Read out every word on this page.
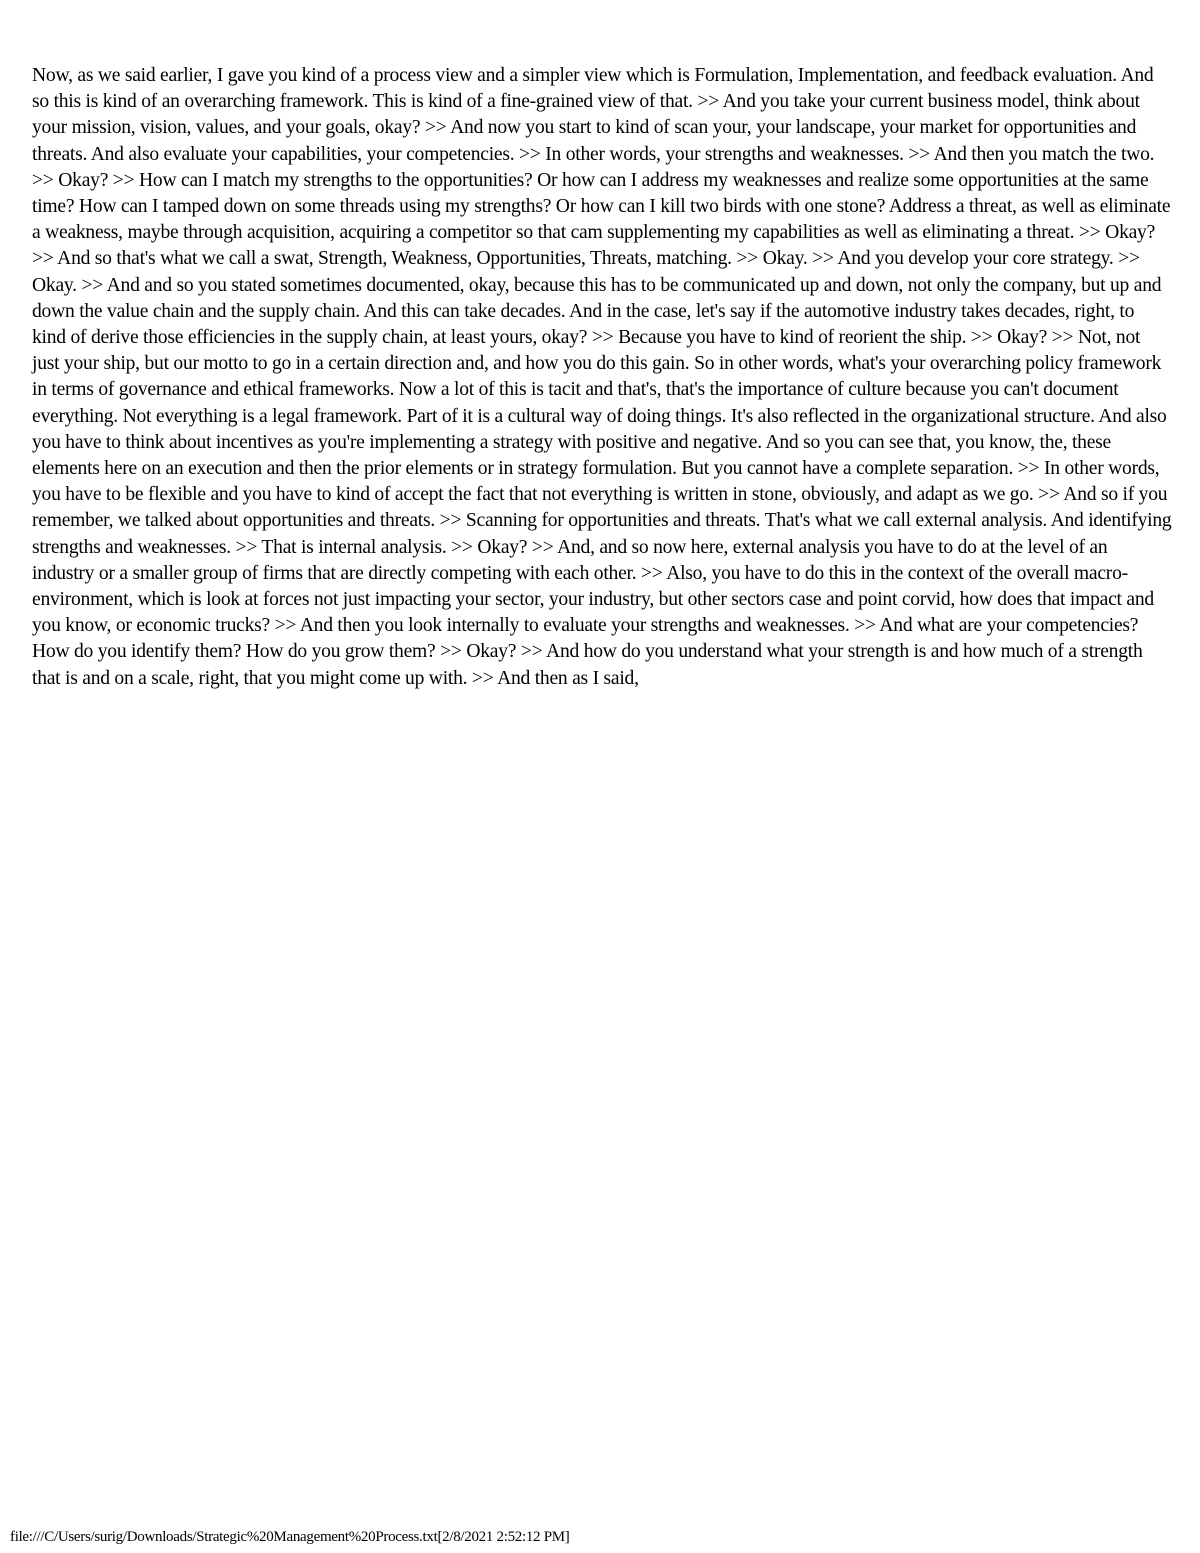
Now, as we said earlier, I gave you kind of a process view and a simpler view which is Formulation, Implementation, and feedback evaluation. And so this is kind of an overarching framework. This is kind of a fine-grained view of that. >> And you take your current business model, think about your mission, vision, values, and your goals, okay? >> And now you start to kind of scan your, your landscape, your market for opportunities and threats. And also evaluate your capabilities, your competencies. >> In other words, your strengths and weaknesses. >> And then you match the two. >> Okay? >> How can I match my strengths to the opportunities? Or how can I address my weaknesses and realize some opportunities at the same time? How can I tamped down on some threads using my strengths? Or how can I kill two birds with one stone? Address a threat, as well as eliminate a weakness, maybe through acquisition, acquiring a competitor so that cam supplementing my capabilities as well as eliminating a threat. >> Okay? >> And so that's what we call a swat, Strength, Weakness, Opportunities, Threats, matching. >> Okay. >> And you develop your core strategy. >> Okay. >> And and so you stated sometimes documented, okay, because this has to be communicated up and down, not only the company, but up and down the value chain and the supply chain. And this can take decades. And in the case, let's say if the automotive industry takes decades, right, to kind of derive those efficiencies in the supply chain, at least yours, okay? >> Because you have to kind of reorient the ship. >> Okay? >> Not, not just your ship, but our motto to go in a certain direction and, and how you do this gain. So in other words, what's your overarching policy framework in terms of governance and ethical frameworks. Now a lot of this is tacit and that's, that's the importance of culture because you can't document everything. Not everything is a legal framework. Part of it is a cultural way of doing things. It's also reflected in the organizational structure. And also you have to think about incentives as you're implementing a strategy with positive and negative. And so you can see that, you know, the, these elements here on an execution and then the prior elements or in strategy formulation. But you cannot have a complete separation. >> In other words, you have to be flexible and you have to kind of accept the fact that not everything is written in stone, obviously, and adapt as we go. >> And so if you remember, we talked about opportunities and threats. >> Scanning for opportunities and threats. That's what we call external analysis. And identifying strengths and weaknesses. >> That is internal analysis. >> Okay? >> And, and so now here, external analysis you have to do at the level of an industry or a smaller group of firms that are directly competing with each other. >> Also, you have to do this in the context of the overall macro-environment, which is look at forces not just impacting your sector, your industry, but other sectors case and point corvid, how does that impact and you know, or economic trucks? >> And then you look internally to evaluate your strengths and weaknesses. >> And what are your competencies? How do you identify them? How do you grow them? >> Okay? >> And how do you understand what your strength is and how much of a strength that is and on a scale, right, that you might come up with. >> And then as I said,
file:///C/Users/surig/Downloads/Strategic%20Management%20Process.txt[2/8/2021 2:52:12 PM]
